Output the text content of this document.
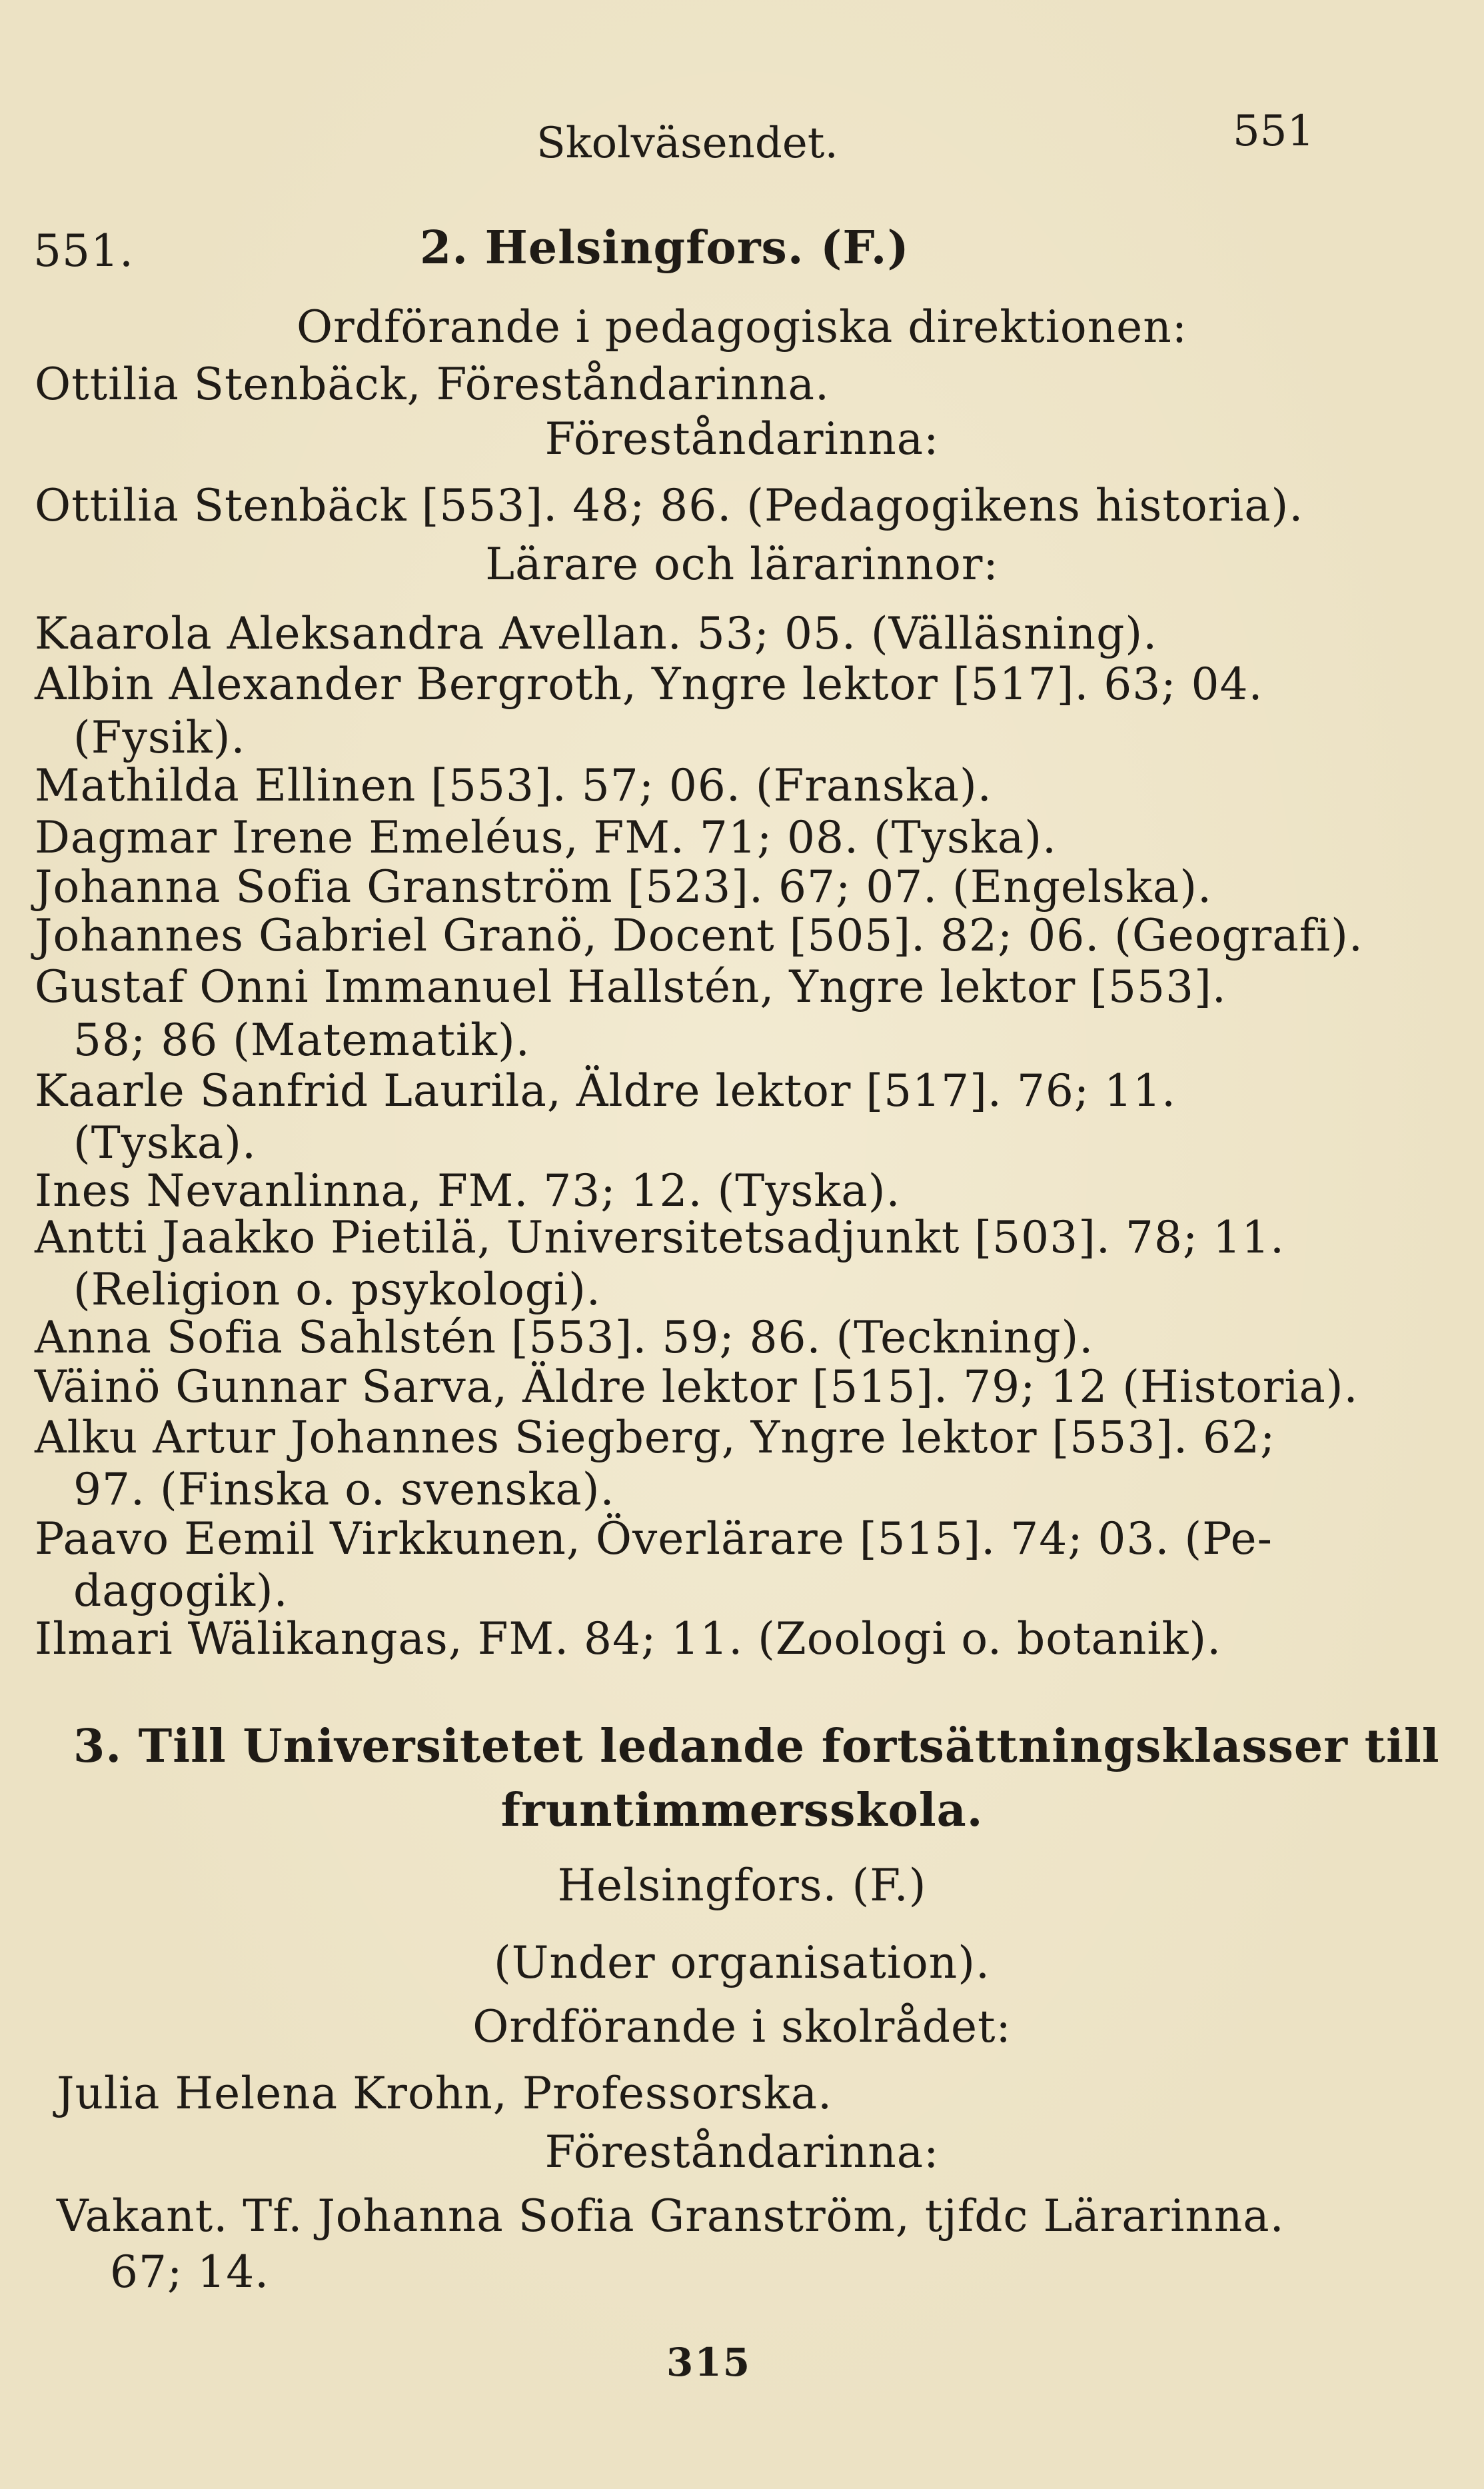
Skolväsendet.	551
551.	2. Helsingfors. (F.)
Ordförande i pedagogiska direktionen:
Ottilia Stenbäck, Föreståndarinna.
Föreståndarinna:
Ottilia Stenbäck [553]. 48; 86. (Pedagogikens historia).
Lärare och lärarinnor:
Kaarola Aleksandra Avellan. 53; 05. (Välläsning).
Albin Alexander Bergroth, Yngre lektor [517]. 63; 04.
(Fysik).
Mathilda Ellinen [553]. 57; 06. (Franska).
Dagmar Irene Emeléus, FM. 71; 08. (Tyska).
Johanna Sofia Granström [523]. 67; 07. (Engelska).
Johannes Gabriel Granö, Docent [505]. 82; 06. (Geografi).
Gustaf Onni Immanuel Hallstén, Yngre lektor [553].
58; 86 (Matematik).
Kaarle Sanfrid Laurila, Äldre lektor [517]. 76; 11.
(Tyska).
Ines Nevanlinna, FM. 73; 12. (Tyska).
Antti Jaakko Pietilä, Universitetsadjunkt [503]. 78; 11.
(Religion o. psykologi).
Anna Sofia Sahlstén [553]. 59; 86. (Teckning).
Väinö Gunnar Sarva, Äldre lektor [515]. 79; 12 (Historia).
Alku Artur Johannes Siegberg, Yngre lektor [553]. 62;
97. (Finska o. svenska).
Paavo Eemil Virkkunen, Överlärare [515]. 74; 03. (Pe-
dagogik).
Ilmari Wälikangas, FM. 84; 11. (Zoologi o. botanik).
3. Till Universitetet ledande fortsättningsklasser till
fruntimmersskola.
Helsingfors. (F.)
(Under organisation).
Ordförande i skolrådet:
Julia Helena Krohn, Professorska.
Föreståndarinna:
Vakant. Tf. Johanna Sofia Granström, tjfdc Lärarinna.
67; 14.
315
